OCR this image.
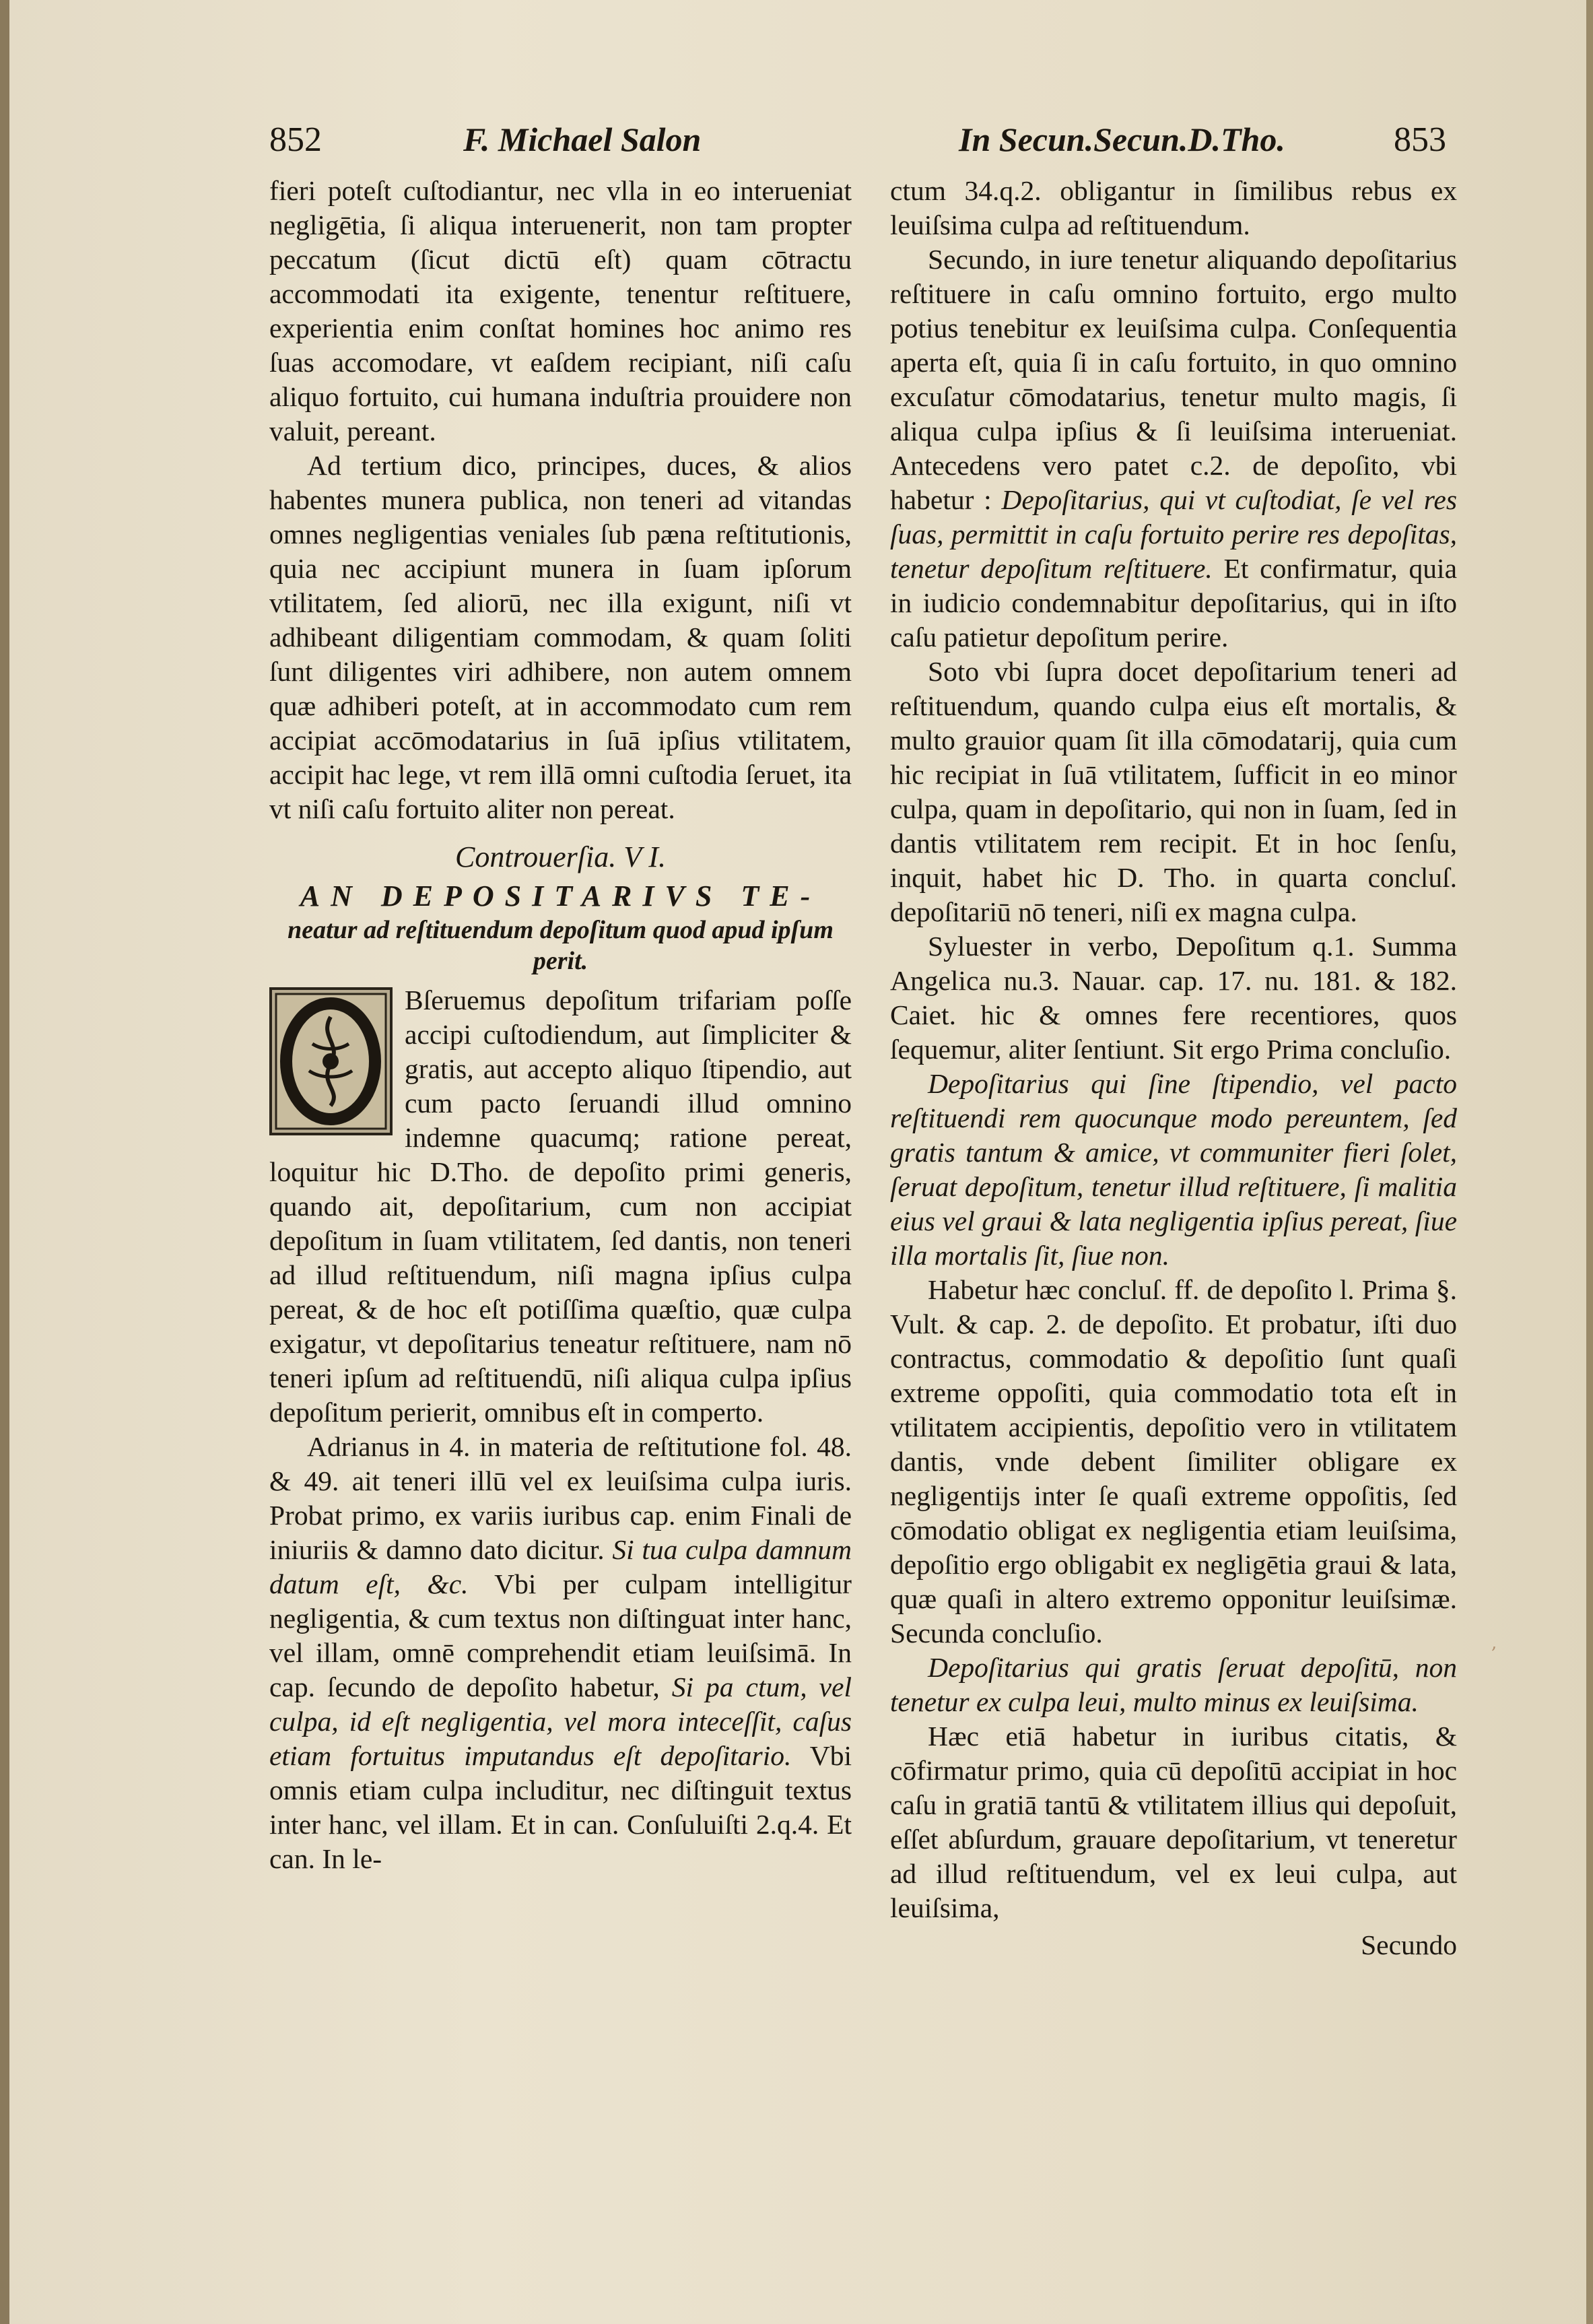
852	F. Michael Salon	In Secun.Secun.D.Tho.	853

fieri poteſt cuſtodiantur, nec vlla in eo interueniat negligētia, ſi aliqua interuenerit, non tam propter peccatum (ſicut dictū eſt) quam cōtractu accommodati ita exigente, tenentur reſtituere, experientia enim conſtat homines hoc animo res ſuas accomodare, vt eaſdem recipiant, niſi caſu aliquo fortuito, cui humana induſtria prouidere non valuit, pereant.

Ad tertium dico, principes, duces, & alios habentes munera publica, non teneri ad vitandas omnes negligentias veniales ſub pæna reſtitutionis, quia nec accipiunt munera in ſuam ipſorum vtilitatem, ſed aliorū, nec illa exigunt, niſi vt adhibeant diligentiam commodam, & quam ſoliti ſunt diligentes viri adhibere, non autem omnem quæ adhiberi poteſt, at in accommodato cum rem accipiat accōmodatarius in ſuā ipſius vtilitatem, accipit hac lege, vt rem illā omni cuſtodia ſeruet, ita vt niſi caſu fortuito aliter non pereat.

Controuerſia. V I.

AN DEPOSITARIVS TE-

neatur ad reſtituendum depoſitum quod apud ipſum perit.

Bſeruemus depoſitum trifariam poſſe accipi cuſtodiendum, aut ſimpliciter & gratis, aut accepto aliquo ſtipendio, aut cum pacto ſeruandi illud omnino indemne quacumq; ratione pereat, loquitur hic D.Tho. de depoſito primi generis, quando ait, depoſitarium, cum non accipiat depoſitum in ſuam vtilitatem, ſed dantis, non teneri ad illud reſtituendum, niſi magna ipſius culpa pereat, & de hoc eſt potiſſima quæſtio, quæ culpa exigatur, vt depoſitarius teneatur reſtituere, nam nō teneri ipſum ad reſtituendū, niſi aliqua culpa ipſius depoſitum perierit, omnibus eſt in comperto.

Adrianus in 4. in materia de reſtitutione fol. 48. & 49. ait teneri illū vel ex leuiſsima culpa iuris. Probat primo, ex variis iuribus cap. enim Finali de iniuriis & damno dato dicitur. Si tua culpa damnum datum eſt, &c. Vbi per culpam intelligitur negligentia, & cum textus non diſtinguat inter hanc, vel illam, omnē comprehendit etiam leuiſsimā. In cap. ſecundo de depoſito habetur, Si pa ctum, vel culpa, id eſt negligentia, vel mora inteceſſit, caſus etiam fortuitus imputandus eſt depoſitario. Vbi omnis etiam culpa includitur, nec diſtinguit textus inter hanc, vel illam. Et in can. Conſuluiſti 2.q.4. Et can. In le-

ctum 34.q.2. obligantur in ſimilibus rebus ex leuiſsima culpa ad reſtituendum.

Secundo, in iure tenetur aliquando depoſitarius reſtituere in caſu omnino fortuito, ergo multo potius tenebitur ex leuiſsima culpa. Conſequentia aperta eſt, quia ſi in caſu fortuito, in quo omnino excuſatur cōmodatarius, tenetur multo magis, ſi aliqua culpa ipſius & ſi leuiſsima interueniat. Antecedens vero patet c.2. de depoſito, vbi habetur : Depoſitarius, qui vt cuſtodiat, ſe vel res ſuas, permittit in caſu fortuito perire res depoſitas, tenetur depoſitum reſtituere. Et confirmatur, quia in iudicio condemnabitur depoſitarius, qui in iſto caſu patietur depoſitum perire.

Soto vbi ſupra docet depoſitarium teneri ad reſtituendum, quando culpa eius eſt mortalis, & multo grauior quam ſit illa cōmodatarij, quia cum hic recipiat in ſuā vtilitatem, ſufficit in eo minor culpa, quam in depoſitario, qui non in ſuam, ſed in dantis vtilitatem rem recipit. Et in hoc ſenſu, inquit, habet hic D. Tho. in quarta concluſ. depoſitariū nō teneri, niſi ex magna culpa.

Syluester in verbo, Depoſitum q.1. Summa Angelica nu.3. Nauar. cap. 17. nu. 181. & 182. Caiet. hic & omnes fere recentiores, quos ſequemur, aliter ſentiunt. Sit ergo Prima concluſio.

Depoſitarius qui ſine ſtipendio, vel pacto reſtituendi rem quocunque modo pereuntem, ſed gratis tantum & amice, vt communiter fieri ſolet, ſeruat depoſitum, tenetur illud reſtituere, ſi malitia eius vel graui & lata negligentia ipſius pereat, ſiue illa mortalis ſit, ſiue non.

Habetur hæc concluſ. ff. de depoſito l. Prima §. Vult. & cap. 2. de depoſito. Et probatur, iſti duo contractus, commodatio & depoſitio ſunt quaſi extreme oppoſiti, quia commodatio tota eſt in vtilitatem accipientis, depoſitio vero in vtilitatem dantis, vnde debent ſimiliter obligare ex negligentijs inter ſe quaſi extreme oppoſitis, ſed cōmodatio obligat ex negligentia etiam leuiſsima, depoſitio ergo obligabit ex negligētia graui & lata, quæ quaſi in altero extremo opponitur leuiſsimæ. Secunda concluſio.

Depoſitarius qui gratis ſeruat depoſitū, non tenetur ex culpa leui, multo minus ex leuiſsima.

Hæc etiā habetur in iuribus citatis, & cōfirmatur primo, quia cū depoſitū accipiat in hoc caſu in gratiā tantū & vtilitatem illius qui depoſuit, eſſet abſurdum, grauare depoſitarium, vt teneretur ad illud reſtituendum, vel ex leui culpa, aut leuiſsima,

Secundo

,
